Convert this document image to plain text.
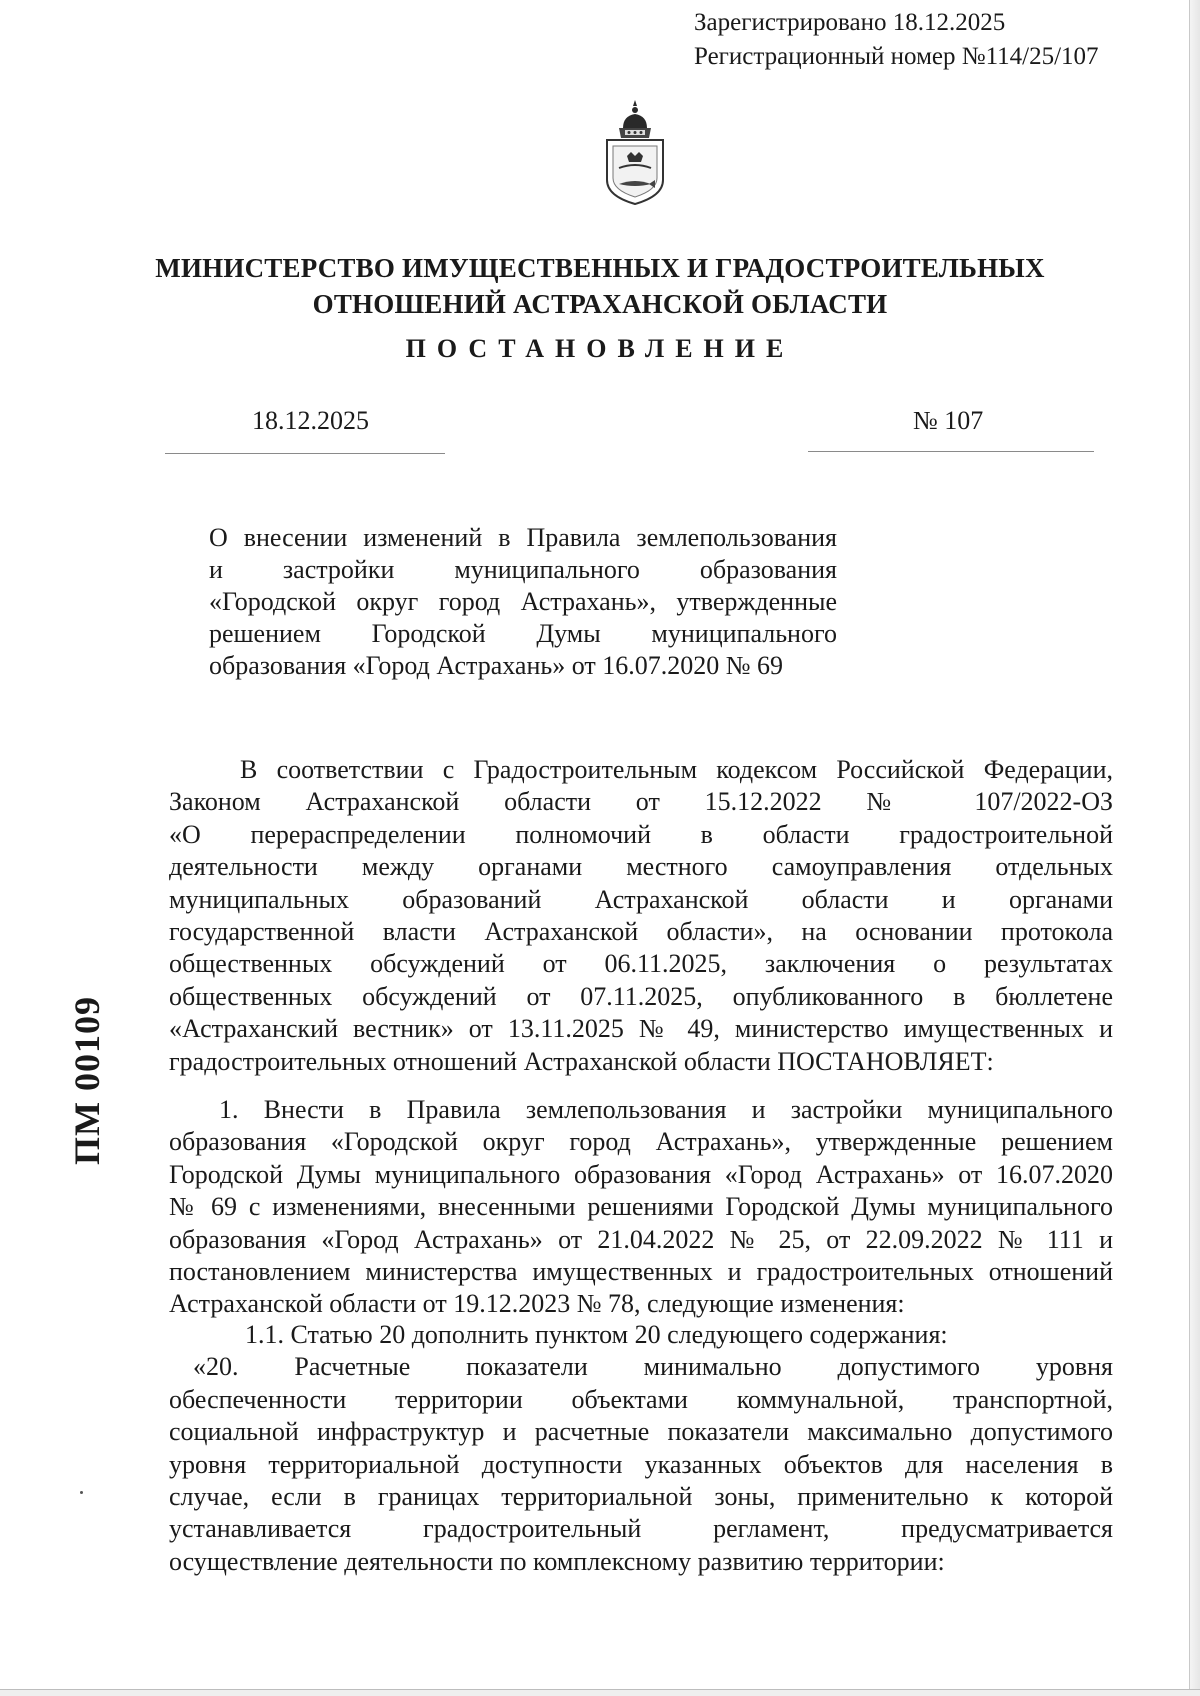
Зарегистрировано 18.12.2025
Регистрационный номер №114/25/107
МИНИСТЕРСТВО ИМУЩЕСТВЕННЫХ И ГРАДОСТРОИТЕЛЬНЫХ
ОТНОШЕНИЙ АСТРАХАНСКОЙ ОБЛАСТИ
ПОСТАНОВЛЕНИЕ
18.12.2025	№ 107
О внесении изменений в Правила землепользования
и застройки муниципального образования
«Городской округ город Астрахань», утвержденные
решением Городской Думы муниципального
образования «Город Астрахань» от 16.07.2020 № 69
В соответствии с Градостроительным кодексом Российской Федерации,
Законом Астраханской области от 15.12.2022 № 107/2022-ОЗ
«О перераспределении полномочий в области градостроительной
деятельности между органами местного самоуправления отдельных
муниципальных образований Астраханской области и органами
государственной власти Астраханской области», на основании протокола
общественных обсуждений от 06.11.2025, заключения о результатах
общественных обсуждений от 07.11.2025, опубликованного в бюллетене
«Астраханский вестник» от 13.11.2025 № 49, министерство имущественных и
градостроительных отношений Астраханской области ПОСТАНОВЛЯЕТ:
1. Внести в Правила землепользования и застройки муниципального
образования «Городской округ город Астрахань», утвержденные решением
Городской Думы муниципального образования «Город Астрахань» от 16.07.2020
№ 69 с изменениями, внесенными решениями Городской Думы муниципального
образования «Город Астрахань» от 21.04.2022 № 25, от 22.09.2022 № 111 и
постановлением министерства имущественных и градостроительных отношений
Астраханской области от 19.12.2023 № 78, следующие изменения:
1.1. Статью 20 дополнить пунктом 20 следующего содержания:
«20. Расчетные показатели минимально допустимого уровня
обеспеченности территории объектами коммунальной, транспортной,
социальной инфраструктур и расчетные показатели максимально допустимого
уровня территориальной доступности указанных объектов для населения в
случае, если в границах территориальной зоны, применительно к которой
устанавливается градостроительный регламент, предусматривается
осуществление деятельности по комплексному развитию территории:
ПМ 00109
